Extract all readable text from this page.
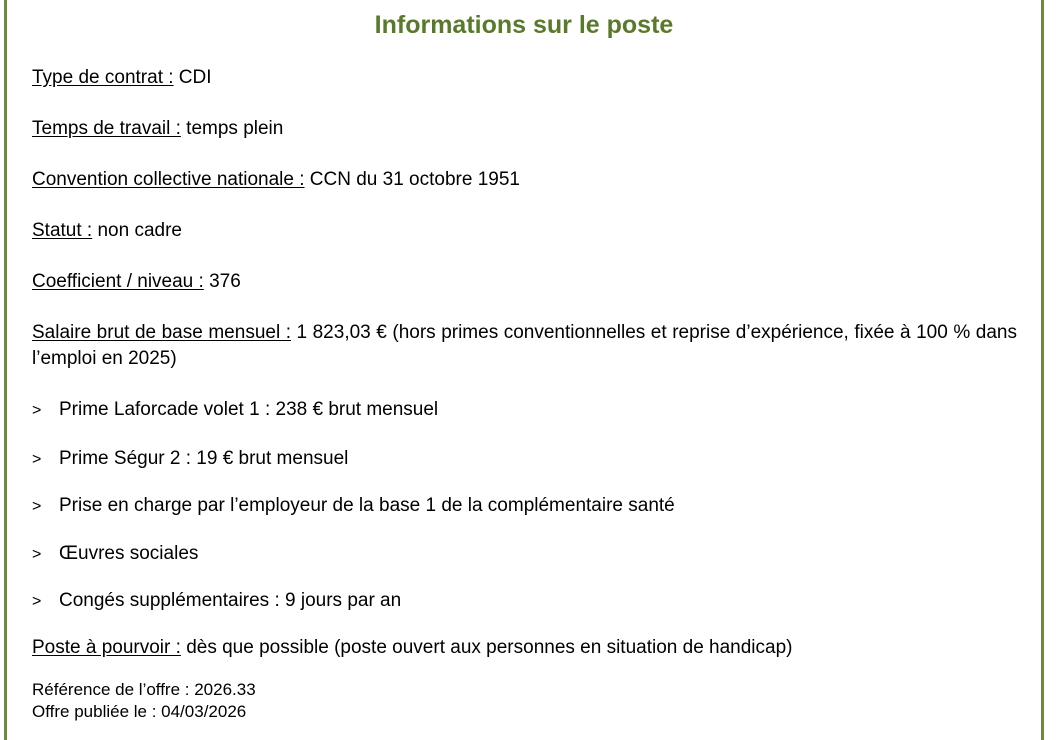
Informations sur le poste
Type de contrat : CDI
Temps de travail : temps plein
Convention collective nationale : CCN du 31 octobre 1951
Statut : non cadre
Coefficient / niveau : 376
Salaire brut de base mensuel : 1 823,03 € (hors primes conventionnelles et reprise d’expérience, fixée à 100 % dans l’emploi en 2025)
> Prime Laforcade volet 1 : 238 € brut mensuel
> Prime Ségur 2 : 19 € brut mensuel
> Prise en charge par l’employeur de la base 1 de la complémentaire santé
> Œuvres sociales
> Congés supplémentaires : 9 jours par an
Poste à pourvoir : dès que possible (poste ouvert aux personnes en situation de handicap)
Référence de l’offre : 2026.33
Offre publiée le : 04/03/2026
